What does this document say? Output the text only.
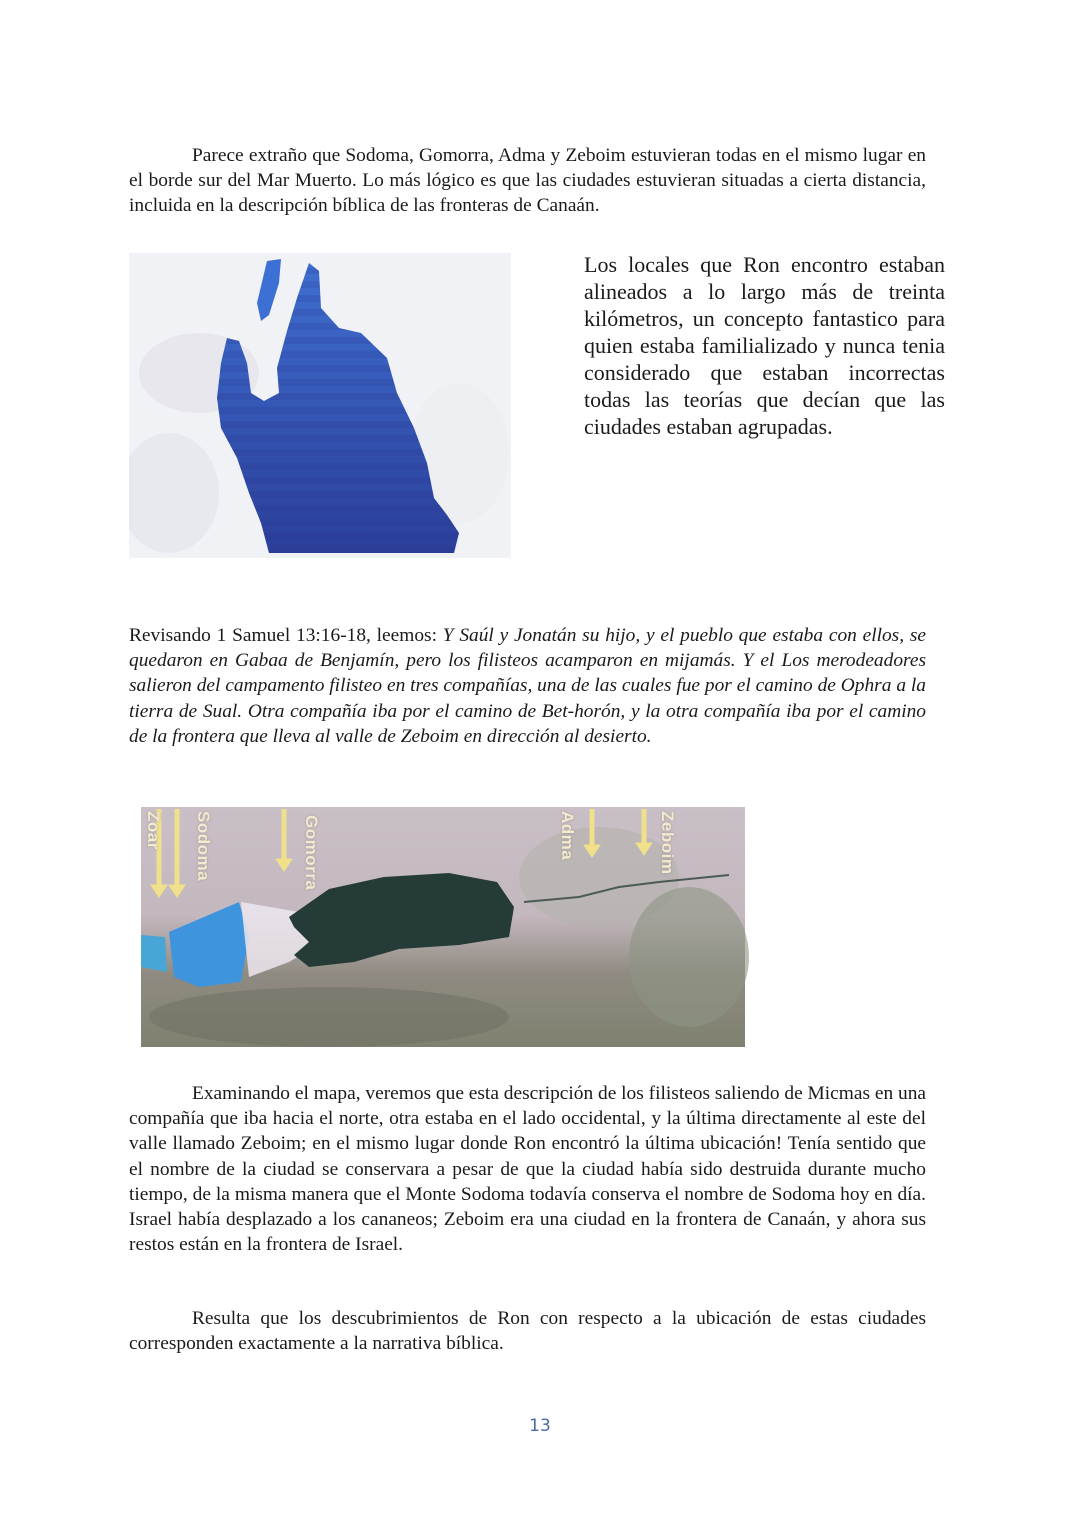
Parece extraño que Sodoma, Gomorra, Adma y Zeboim estuvieran todas en el mismo lugar en el borde sur del Mar Muerto. Lo más lógico es que las ciudades estuvieran situadas a cierta distancia, incluida en la descripción bíblica de las fronteras de Canaán.

Los locales que Ron encontro estaban alineados a lo largo más de treinta kilómetros, un concepto fantastico para quien estaba familializado y nunca tenia considerado que estaban incorrectas todas las teorías que decían que las ciudades estaban agrupadas.

Revisando 1 Samuel 13:16-18, leemos: Y Saúl y Jonatán su hijo, y el pueblo que estaba con ellos, se quedaron en Gabaa de Benjamín, pero los filisteos acamparon en mijamás. Y el Los merodeadores salieron del campamento filisteo en tres compañías, una de las cuales fue por el camino de Ophra a la tierra de Sual. Otra compañía iba por el camino de Bet-horón, y la otra compañía iba por el camino de la frontera que lleva al valle de Zeboim en dirección al desierto.

Zoar Sodoma	Gomorra	Adma	Zeboim

Examinando el mapa, veremos que esta descripción de los filisteos saliendo de Micmas en una compañía que iba hacia el norte, otra estaba en el lado occidental, y la última directamente al este del valle llamado Zeboim; en el mismo lugar donde Ron encontró la última ubicación! Tenía sentido que el nombre de la ciudad se conservara a pesar de que la ciudad había sido destruida durante mucho tiempo, de la misma manera que el Monte Sodoma todavía conserva el nombre de Sodoma hoy en día. Israel había desplazado a los cananeos; Zeboim era una ciudad en la frontera de Canaán, y ahora sus restos están en la frontera de Israel.

Resulta que los descubrimientos de Ron con respecto a la ubicación de estas ciudades corresponden exactamente a la narrativa bíblica.

13
